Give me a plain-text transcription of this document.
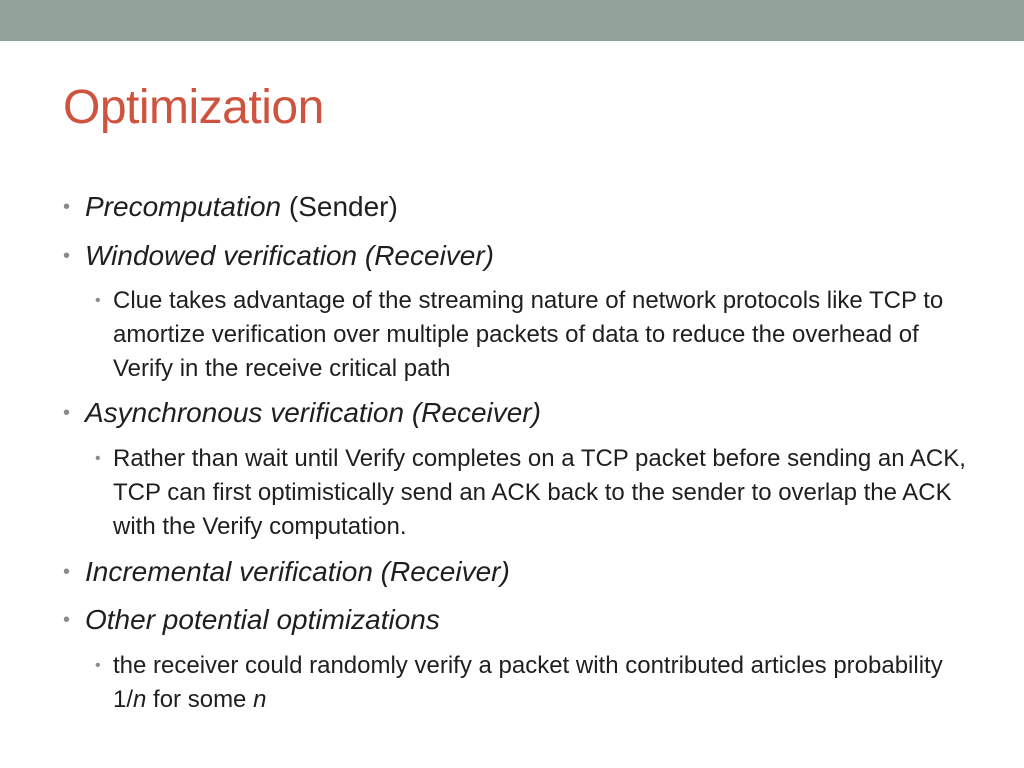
Optimization
• Precomputation (Sender)
• Windowed verification (Receiver)
• Clue takes advantage of the streaming nature of network protocols like TCP to amortize verification over multiple packets of data to reduce the overhead of Verify in the receive critical path
• Asynchronous verification (Receiver)
• Rather than wait until Verify completes on a TCP packet before sending an ACK, TCP can first optimistically send an ACK back to the sender to overlap the ACK with the Verify computation.
• Incremental verification (Receiver)
• Other potential optimizations
• the receiver could randomly verify a packet with contributed articles probability 1/n for some n
